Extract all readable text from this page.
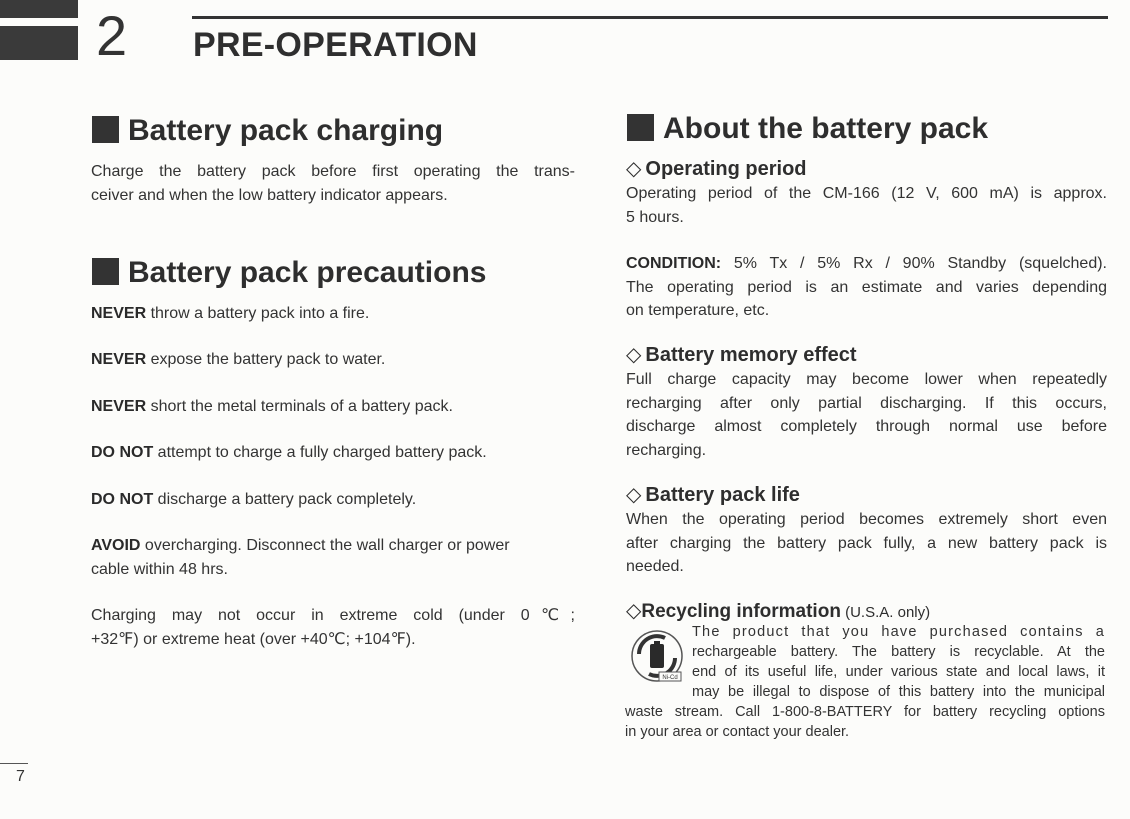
2 PRE-OPERATION
Battery pack charging
Charge the battery pack before first operating the trans-
ceiver and when the low battery indicator appears.
Battery pack precautions
NEVER throw a battery pack into a fire.
NEVER expose the battery pack to water.
NEVER short the metal terminals of a battery pack.
DO NOT attempt to charge a fully charged battery pack.
DO NOT discharge a battery pack completely.
AVOID overcharging. Disconnect the wall charger or power
cable within 48 hrs.
Charging may not occur in extreme cold (under 0℃;
+32℉) or extreme heat (over +40℃; +104℉).
About the battery pack
◇ Operating period
Operating period of the CM-166 (12 V, 600 mA) is approx.
5 hours.
CONDITION: 5% Tx / 5% Rx / 90% Standby (squelched).
The operating period is an estimate and varies depending
on temperature, etc.
◇ Battery memory effect
Full charge capacity may become lower when repeatedly
recharging after only partial discharging. If this occurs,
discharge almost completely through normal use before
recharging.
◇ Battery pack life
When the operating period becomes extremely short even
after charging the battery pack fully, a new battery pack is
needed.
◇Recycling information (U.S.A. only)
Ni-Cd
The product that you have purchased contains a
rechargeable battery. The battery is recyclable. At the
end of its useful life, under various state and local laws, it
may be illegal to dispose of this battery into the municipal
waste stream. Call 1-800-8-BATTERY for battery recycling options
in your area or contact your dealer.
7
